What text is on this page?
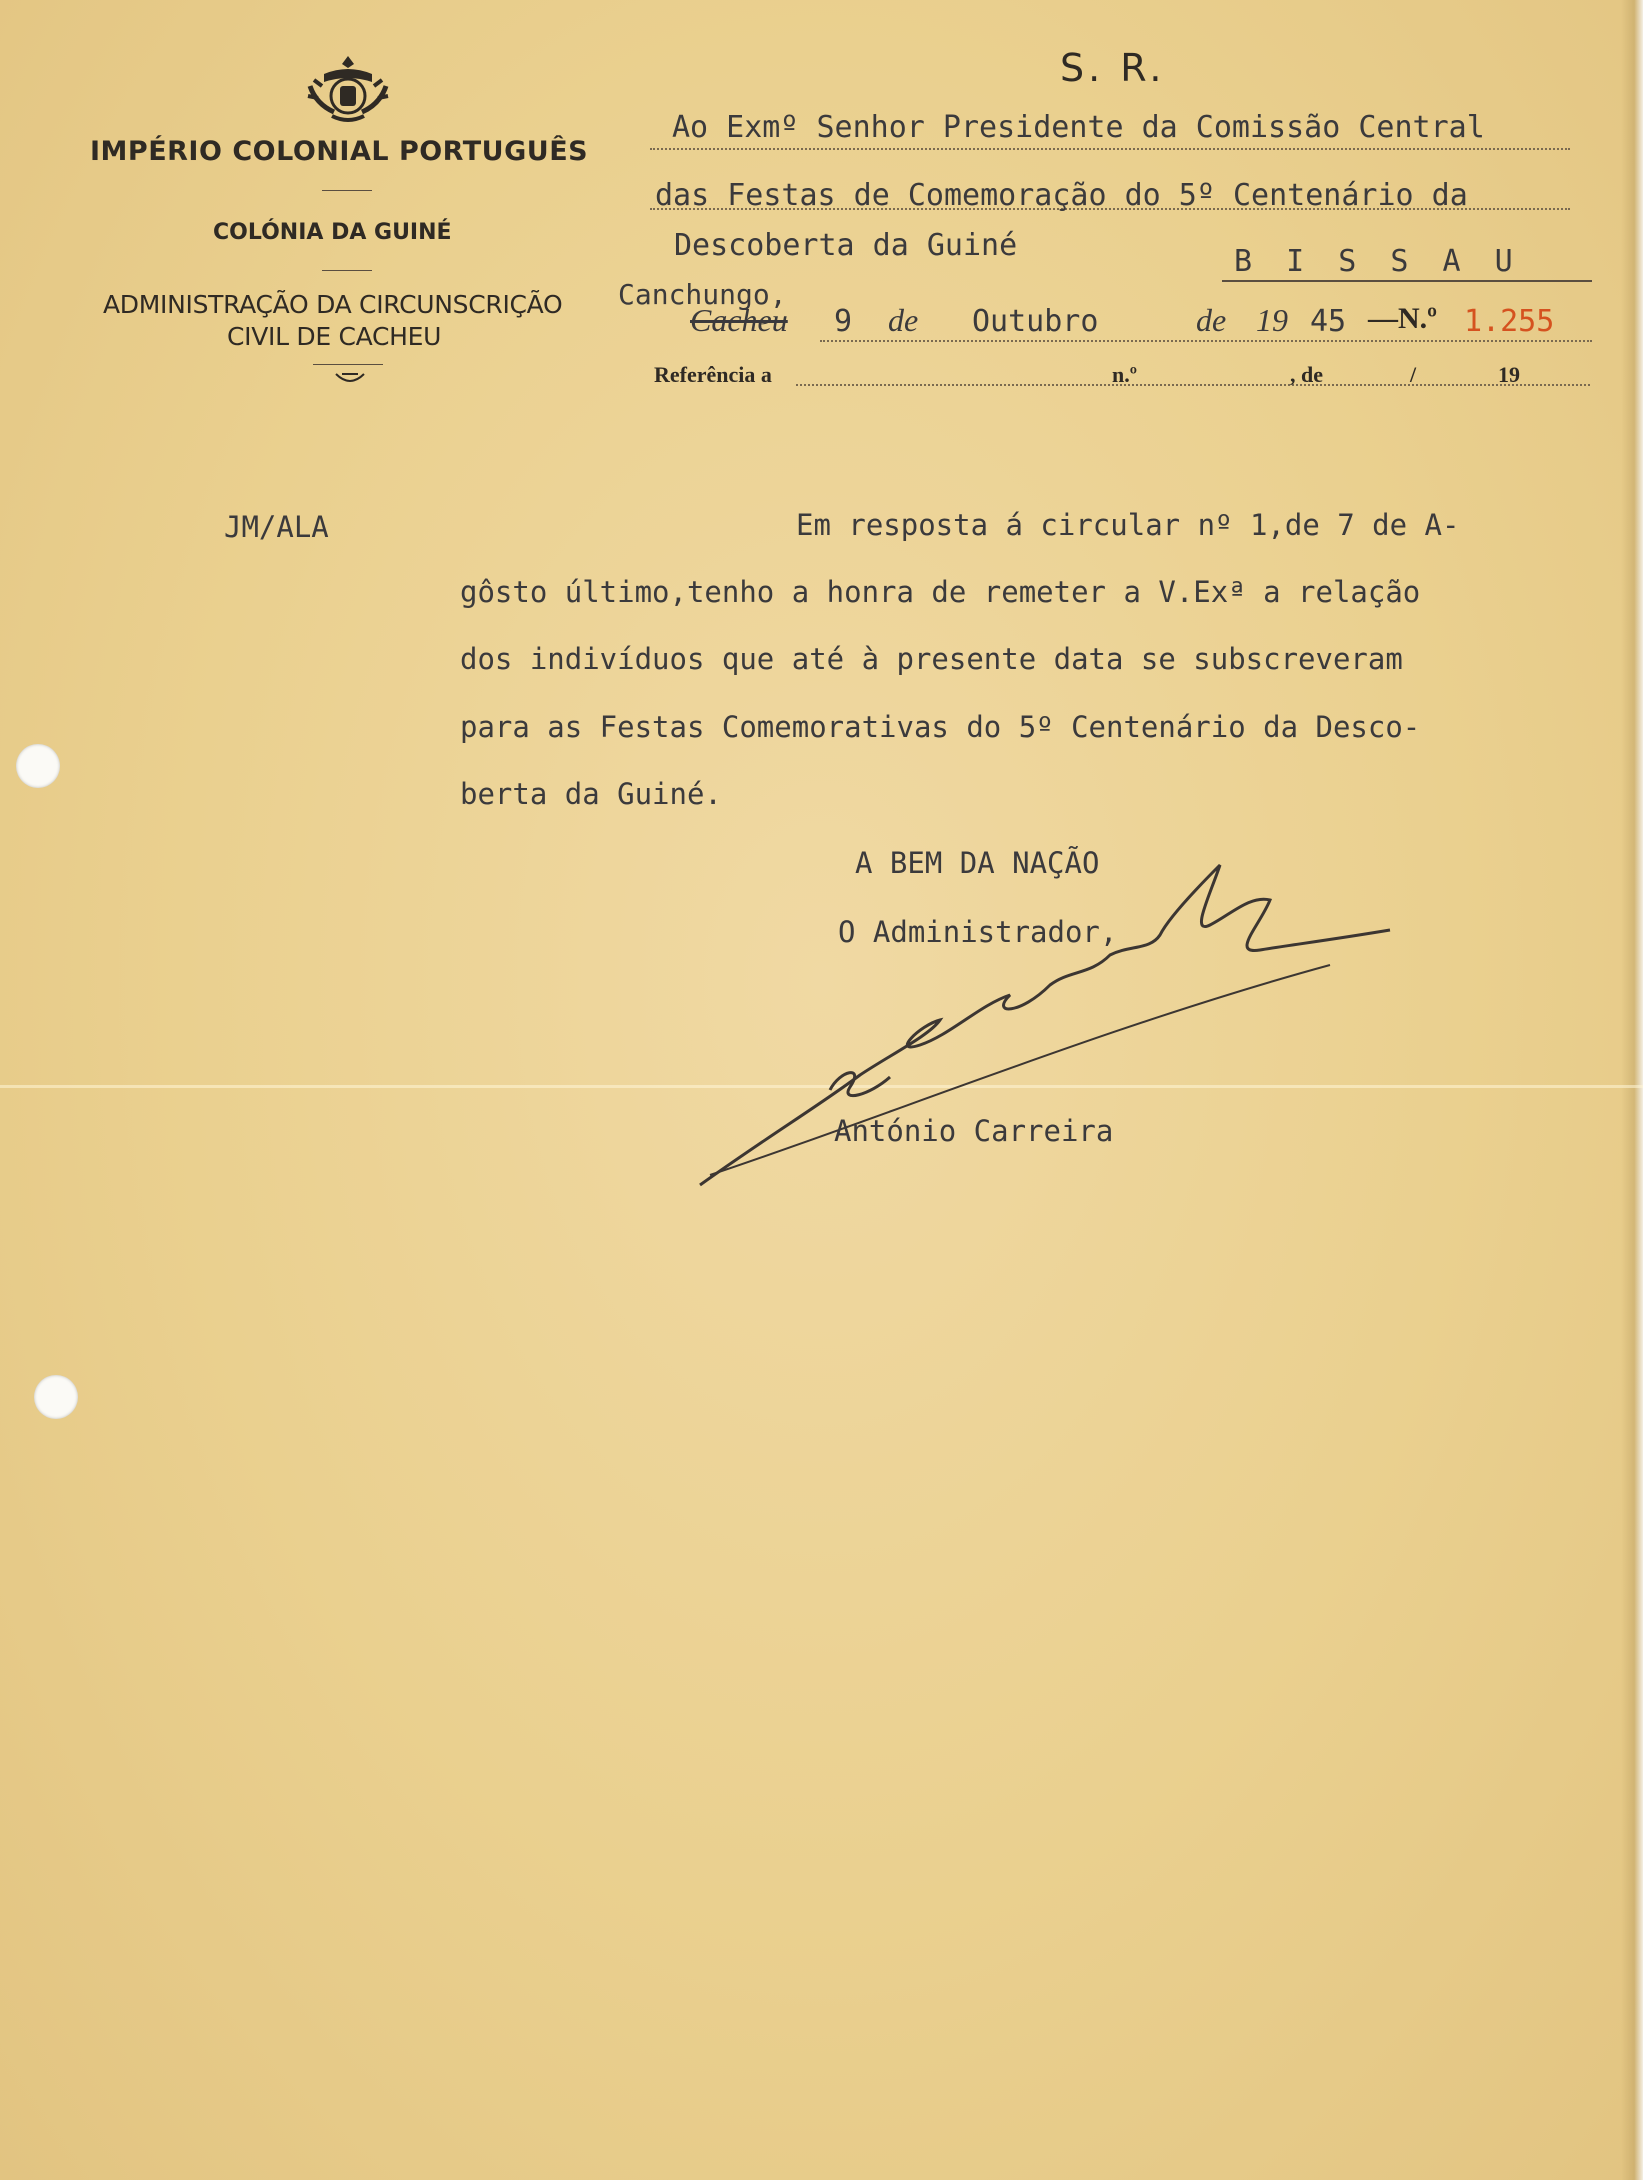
IMPÉRIO COLONIAL PORTUGUÊS
COLÓNIA DA GUINÉ
ADMINISTRAÇÃO DA CIRCUNSCRIÇÃO
CIVIL DE CACHEU
S. R.
Ao Exmº Senhor Presidente da Comissão Central
das Festas de Comemoração do 5º Centenário da
Descoberta da Guiné	B I S S A U
Canchungo,
Cacheu 9 de Outubro	de 19 45 —N.º 1.255
Referência a	n.º	, de	/	19
JM/ALA	Em resposta á circular nº 1,de 7 de A-
gôsto último,tenho a honra de remeter a V.Exª a relação
dos indivíduos que até à presente data se subscreveram
para as Festas Comemorativas do 5º Centenário da Desco-
berta da Guiné.
A BEM DA NAÇÃO
O Administrador,
António Carreira
